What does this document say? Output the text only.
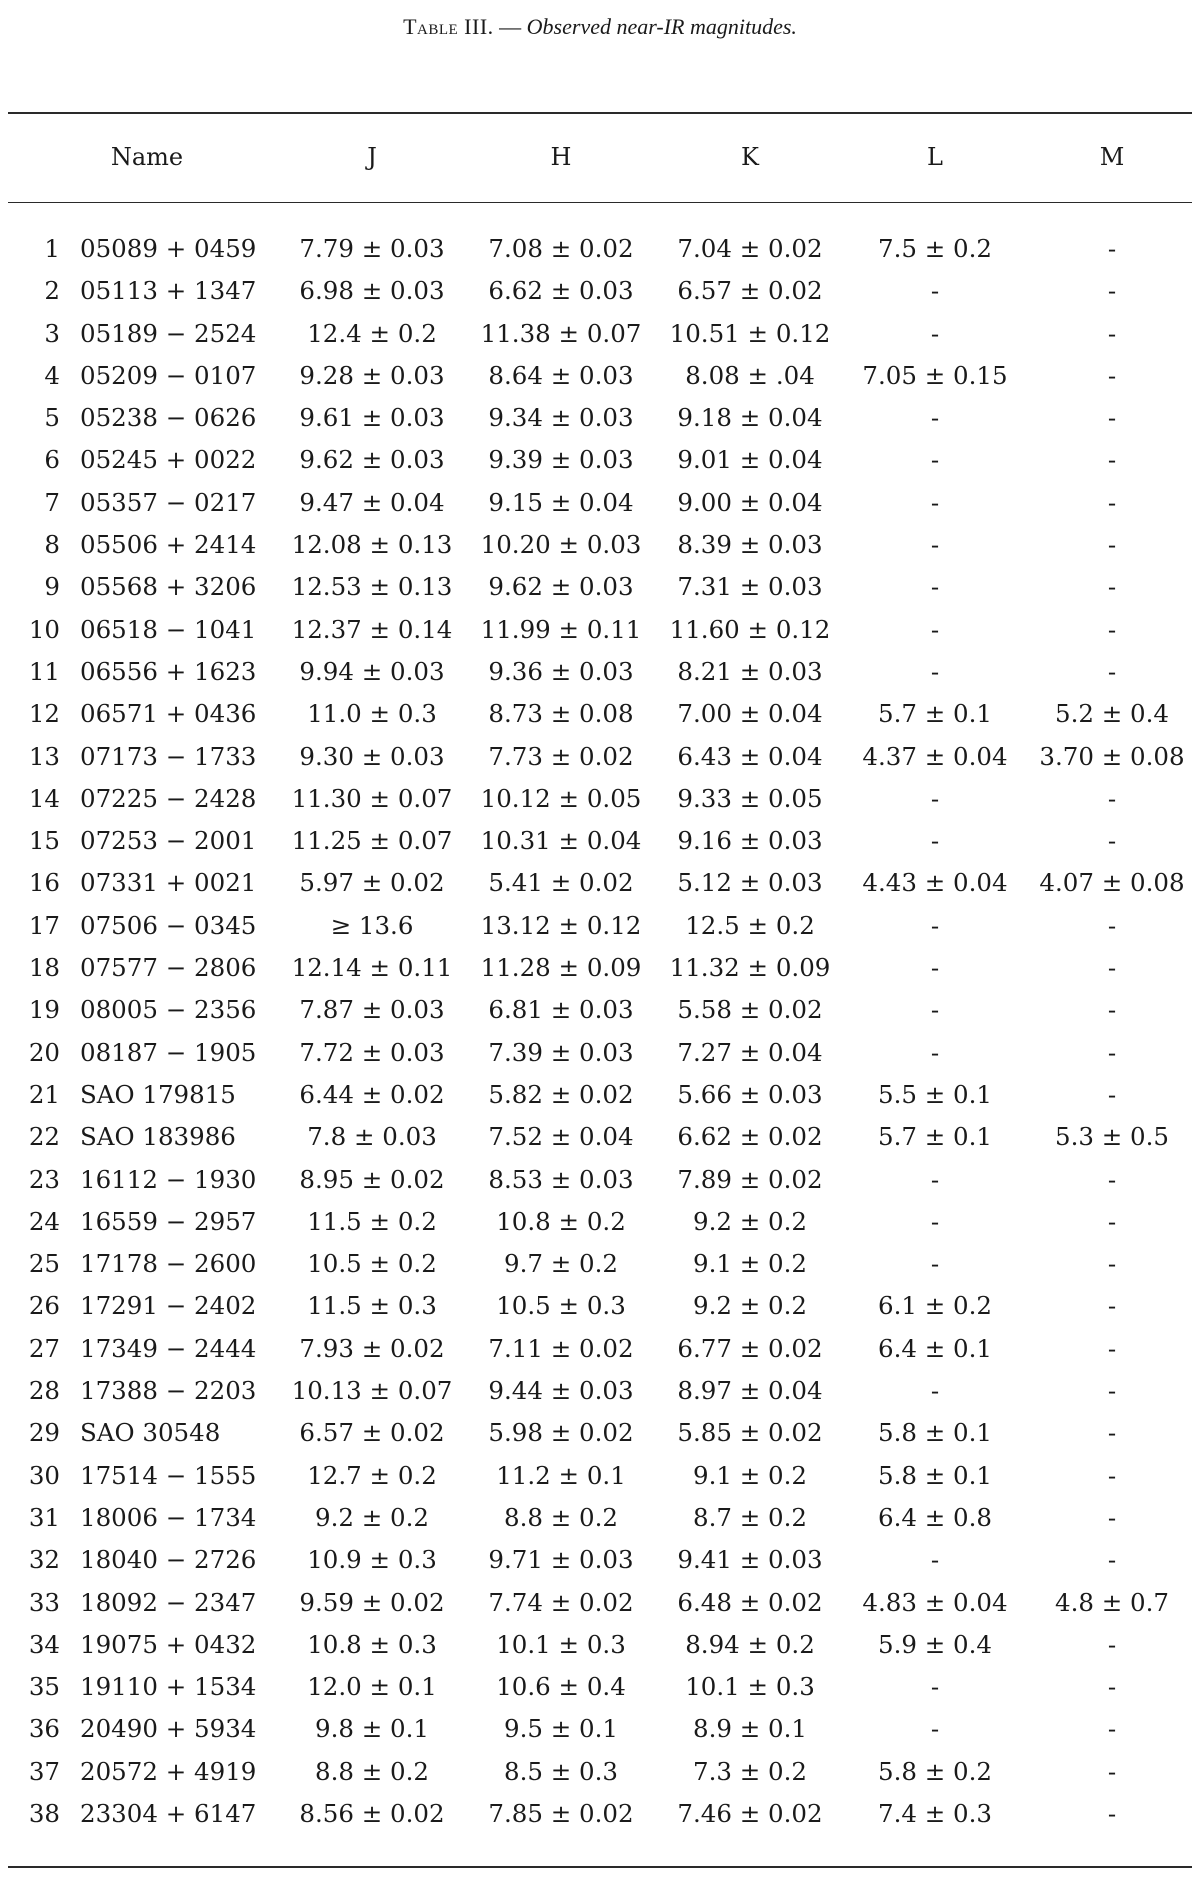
Table III. — Observed near-IR magnitudes.
Name	J	H	K	L	M
1 05089 + 0459 7.79 ± 0.03 7.08 ± 0.02 7.04 ± 0.02 7.5 ± 0.2	-
2 05113 + 1347 6.98 ± 0.03 6.62 ± 0.03 6.57 ± 0.02	-	-
3 05189 − 2524 12.4 ± 0.2 11.38 ± 0.07 10.51 ± 0.12	-	-
4 05209 − 0107 9.28 ± 0.03 8.64 ± 0.03 8.08 ± .04 7.05 ± 0.15	-
5 05238 − 0626 9.61 ± 0.03 9.34 ± 0.03 9.18 ± 0.04	-	-
6 05245 + 0022 9.62 ± 0.03 9.39 ± 0.03 9.01 ± 0.04	-	-
7 05357 − 0217 9.47 ± 0.04 9.15 ± 0.04 9.00 ± 0.04	-	-
8 05506 + 2414 12.08 ± 0.13 10.20 ± 0.03 8.39 ± 0.03	-	-
9 05568 + 3206 12.53 ± 0.13 9.62 ± 0.03 7.31 ± 0.03	-	-
10 06518 − 1041 12.37 ± 0.14 11.99 ± 0.11 11.60 ± 0.12	-	-
11 06556 + 1623 9.94 ± 0.03 9.36 ± 0.03 8.21 ± 0.03	-	-
12 06571 + 0436 11.0 ± 0.3 8.73 ± 0.08 7.00 ± 0.04 5.7 ± 0.1	5.2 ± 0.4
13 07173 − 1733 9.30 ± 0.03 7.73 ± 0.02 6.43 ± 0.04 4.37 ± 0.04 3.70 ± 0.08
14 07225 − 2428 11.30 ± 0.07 10.12 ± 0.05 9.33 ± 0.05	-	-
15 07253 − 2001 11.25 ± 0.07 10.31 ± 0.04 9.16 ± 0.03	-	-
16 07331 + 0021 5.97 ± 0.02 5.41 ± 0.02 5.12 ± 0.03 4.43 ± 0.04 4.07 ± 0.08
17 07506 − 0345	≥ 13.6	13.12 ± 0.12 12.5 ± 0.2	-	-
18 07577 − 2806 12.14 ± 0.11 11.28 ± 0.09 11.32 ± 0.09	-	-
19 08005 − 2356 7.87 ± 0.03 6.81 ± 0.03 5.58 ± 0.02	-	-
20 08187 − 1905 7.72 ± 0.03 7.39 ± 0.03 7.27 ± 0.04	-	-
21 SAO 179815	6.44 ± 0.02 5.82 ± 0.02 5.66 ± 0.03 5.5 ± 0.1	-
22 SAO 183986	7.8 ± 0.03 7.52 ± 0.04 6.62 ± 0.02 5.7 ± 0.1	5.3 ± 0.5
23 16112 − 1930 8.95 ± 0.02 8.53 ± 0.03 7.89 ± 0.02	-	-
24 16559 − 2957 11.5 ± 0.2 10.8 ± 0.2	9.2 ± 0.2	-	-
25 17178 − 2600 10.5 ± 0.2	9.7 ± 0.2	9.1 ± 0.2	-	-
26 17291 − 2402 11.5 ± 0.3 10.5 ± 0.3	9.2 ± 0.2	6.1 ± 0.2	-
27 17349 − 2444 7.93 ± 0.02 7.11 ± 0.02 6.77 ± 0.02 6.4 ± 0.1	-
28 17388 − 2203 10.13 ± 0.07 9.44 ± 0.03 8.97 ± 0.04	-	-
29 SAO 30548	6.57 ± 0.02 5.98 ± 0.02 5.85 ± 0.02 5.8 ± 0.1	-
30 17514 − 1555 12.7 ± 0.2 11.2 ± 0.1	9.1 ± 0.2	5.8 ± 0.1	-
31 18006 − 1734 9.2 ± 0.2	8.8 ± 0.2	8.7 ± 0.2	6.4 ± 0.8	-
32 18040 − 2726 10.9 ± 0.3 9.71 ± 0.03 9.41 ± 0.03	-	-
33 18092 − 2347 9.59 ± 0.02 7.74 ± 0.02 6.48 ± 0.02 4.83 ± 0.04 4.8 ± 0.7
34 19075 + 0432 10.8 ± 0.3 10.1 ± 0.3 8.94 ± 0.2	5.9 ± 0.4	-
35 19110 + 1534 12.0 ± 0.1 10.6 ± 0.4 10.1 ± 0.3	-	-
36 20490 + 5934 9.8 ± 0.1	9.5 ± 0.1	8.9 ± 0.1	-	-
37 20572 + 4919 8.8 ± 0.2	8.5 ± 0.3	7.3 ± 0.2	5.8 ± 0.2	-
38 23304 + 6147 8.56 ± 0.02 7.85 ± 0.02 7.46 ± 0.02 7.4 ± 0.3	-
